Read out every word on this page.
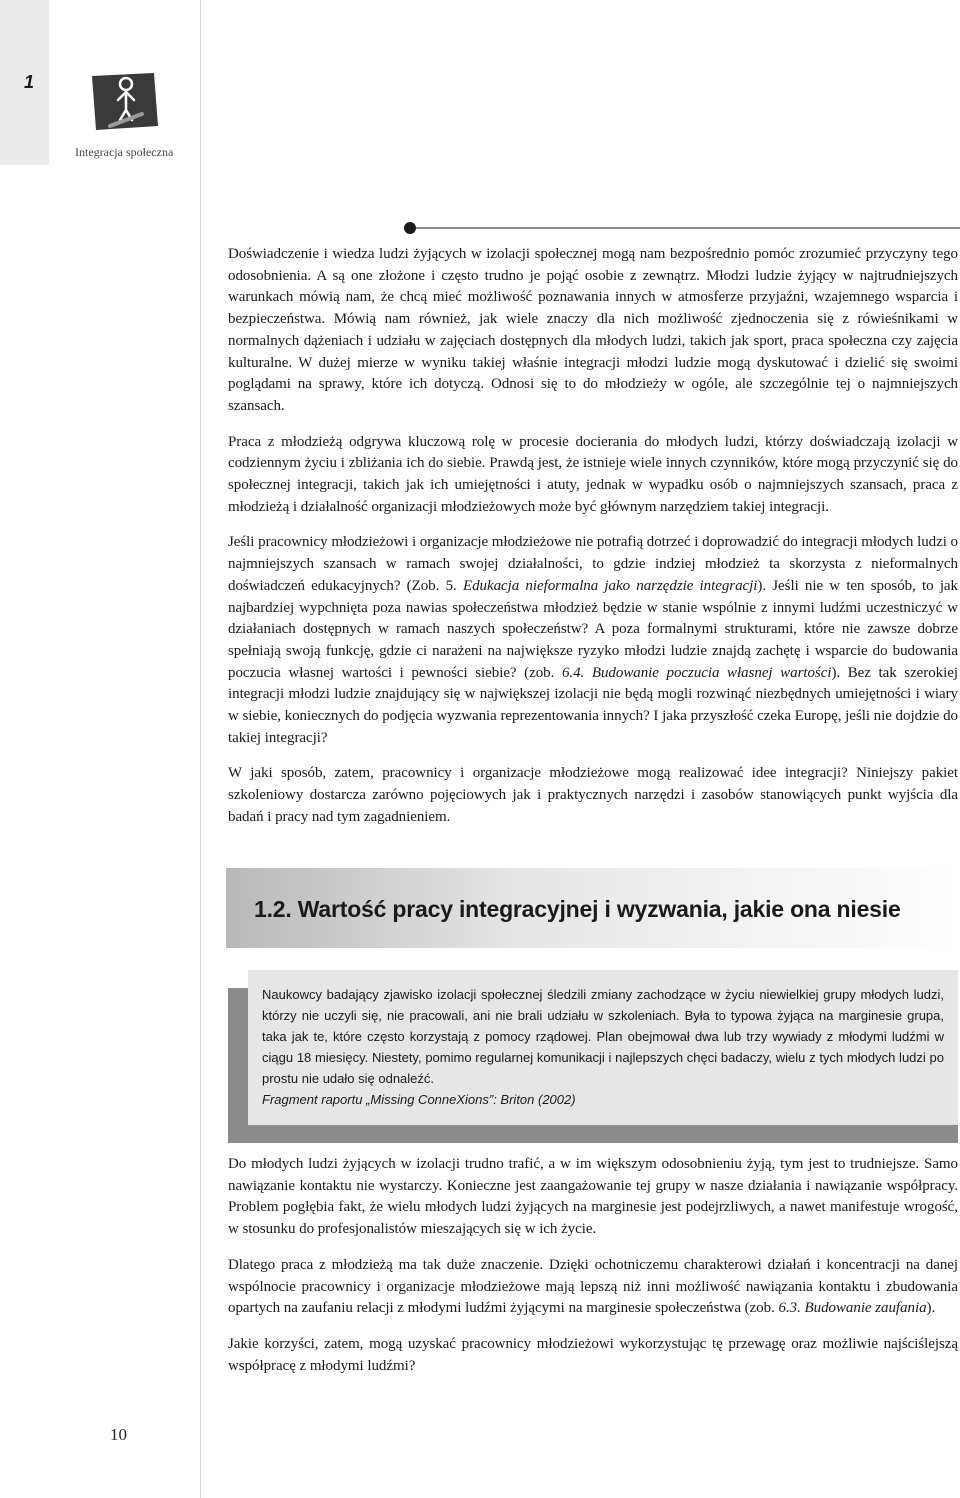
1
Integracja społeczna
10

Doświadczenie i wiedza ludzi żyjących w izolacji społecznej mogą nam bezpośrednio pomóc zrozumieć przyczyny tego odosobnienia. A są one złożone i często trudno je pojąć osobie z zewnątrz. Młodzi ludzie żyjący w najtrudniejszych warunkach mówią nam, że chcą mieć możliwość poznawania innych w atmosferze przyjaźni, wzajemnego wsparcia i bezpieczeństwa. Mówią nam również, jak wiele znaczy dla nich możliwość zjednoczenia się z rówieśnikami w normalnych dążeniach i udziału w zajęciach dostępnych dla młodych ludzi, takich jak sport, praca społeczna czy zajęcia kulturalne. W dużej mierze w wyniku takiej właśnie integracji młodzi ludzie mogą dyskutować i dzielić się swoimi poglądami na sprawy, które ich dotyczą. Odnosi się to do młodzieży w ogóle, ale szczególnie tej o najmniejszych szansach.

Praca z młodzieżą odgrywa kluczową rolę w procesie docierania do młodych ludzi, którzy doświadczają izolacji w codziennym życiu i zbliżania ich do siebie. Prawdą jest, że istnieje wiele innych czynników, które mogą przyczynić się do społecznej integracji, takich jak ich umiejętności i atuty, jednak w wypadku osób o najmniejszych szansach, praca z młodzieżą i działalność organizacji młodzieżowych może być głównym narzędziem takiej integracji.

Jeśli pracownicy młodzieżowi i organizacje młodzieżowe nie potrafią dotrzeć i doprowadzić do integracji młodych ludzi o najmniejszych szansach w ramach swojej działalności, to gdzie indziej młodzież ta skorzysta z nieformalnych doświadczeń edukacyjnych? (Zob. 5. Edukacja nieformalna jako narzędzie integracji). Jeśli nie w ten sposób, to jak najbardziej wypchnięta poza nawias społeczeństwa młodzież będzie w stanie wspólnie z innymi ludźmi uczestniczyć w działaniach dostępnych w ramach naszych społeczeństw? A poza formalnymi strukturami, które nie zawsze dobrze spełniają swoją funkcję, gdzie ci narażeni na największe ryzyko młodzi ludzie znajdą zachętę i wsparcie do budowania poczucia własnej wartości i pewności siebie? (zob. 6.4. Budowanie poczucia własnej wartości). Bez tak szerokiej integracji młodzi ludzie znajdujący się w największej izolacji nie będą mogli rozwinąć niezbędnych umiejętności i wiary w siebie, koniecznych do podjęcia wyzwania reprezentowania innych? I jaka przyszłość czeka Europę, jeśli nie dojdzie do takiej integracji?

W jaki sposób, zatem, pracownicy i organizacje młodzieżowe mogą realizować idee integracji? Niniejszy pakiet szkoleniowy dostarcza zarówno pojęciowych jak i praktycznych narzędzi i zasobów stanowiących punkt wyjścia dla badań i pracy nad tym zagadnieniem.

1.2. Wartość pracy integracyjnej i wyzwania, jakie ona niesie

Naukowcy badający zjawisko izolacji społecznej śledzili zmiany zachodzące w życiu niewielkiej grupy młodych ludzi, którzy nie uczyli się, nie pracowali, ani nie brali udziału w szkoleniach. Była to typowa żyjąca na marginesie grupa, taka jak te, które często korzystają z pomocy rządowej. Plan obejmował dwa lub trzy wywiady z młodymi ludźmi w ciągu 18 miesięcy. Niestety, pomimo regularnej komunikacji i najlepszych chęci badaczy, wielu z tych młodych ludzi po prostu nie udało się odnaleźć.

Fragment raportu „Missing ConneXions”: Briton (2002)

Do młodych ludzi żyjących w izolacji trudno trafić, a w im większym odosobnieniu żyją, tym jest to trudniejsze. Samo nawiązanie kontaktu nie wystarczy. Konieczne jest zaangażowanie tej grupy w nasze działania i nawiązanie współpracy. Problem pogłębia fakt, że wielu młodych ludzi żyjących na marginesie jest podejrzliwych, a nawet manifestuje wrogość, w stosunku do profesjonalistów mieszających się w ich życie.

Dlatego praca z młodzieżą ma tak duże znaczenie. Dzięki ochotniczemu charakterowi działań i koncentracji na danej wspólnocie pracownicy i organizacje młodzieżowe mają lepszą niż inni możliwość nawiązania kontaktu i zbudowania opartych na zaufaniu relacji z młodymi ludźmi żyjącymi na marginesie społeczeństwa (zob. 6.3. Budowanie zaufania).

Jakie korzyści, zatem, mogą uzyskać pracownicy młodzieżowi wykorzystując tę przewagę oraz możliwie najściślejszą współpracę z młodymi ludźmi?
